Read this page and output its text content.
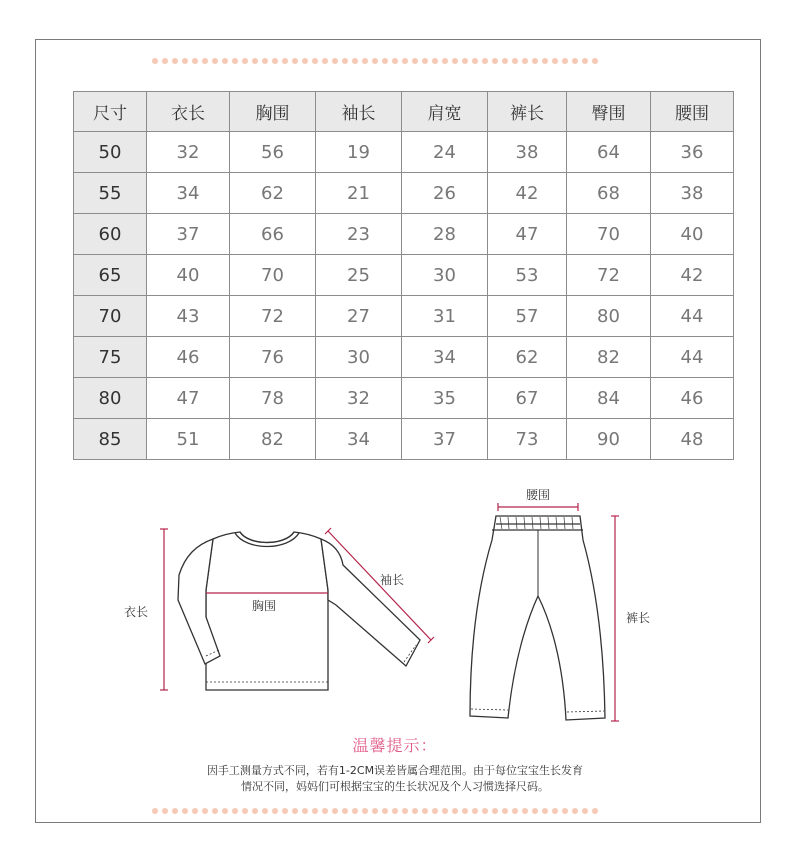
尺寸	衣长	胸围	袖长	肩宽	裤长	臀围	腰围
50	32	56	19	24	38	64	36
55	34	62	21	26	42	68	38
60	37	66	23	28	47	70	40
65	40	70	25	30	53	72	42
70	43	72	27	31	57	80	44
75	46	76	30	34	62	82	44
80	47	78	32	35	67	84	46
85	51	82	34	37	73	90	48
衣长	胸围
袖长
腰围
裤长
温馨提示：
因手工测量方式不同，若有1-2CM误差皆属合理范围。由于每位宝宝生长发育
情况不同，妈妈们可根据宝宝的生长状况及个人习惯选择尺码。
